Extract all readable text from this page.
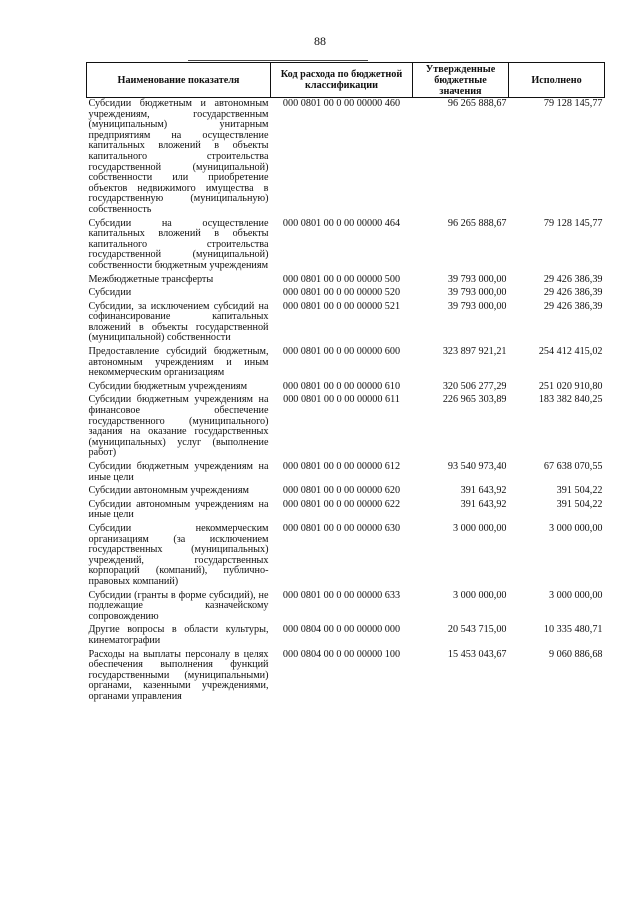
88
Наименование показателя	Код расхода по бюджетной классификации	Утвержденные бюджетные значения	Исполнено
Субсидии бюджетным и автономным учреждениям, государственным (муниципальным) унитарным предприятиям на осуществление капитальных вложений в объекты капитального строительства государственной (муниципальной) собственности или приобретение объектов недвижимого имущества в государственную (муниципальную) собственность	000 0801 00 0 00 00000 460	96 265 888,67	79 128 145,77
Субсидии на осуществление капитальных вложений в объекты капитального строительства государственной (муниципальной) собственности бюджетным учреждениям	000 0801 00 0 00 00000 464	96 265 888,67	79 128 145,77
Межбюджетные трансферты	000 0801 00 0 00 00000 500	39 793 000,00	29 426 386,39
Субсидии	000 0801 00 0 00 00000 520	39 793 000,00	29 426 386,39
Субсидии, за исключением субсидий на софинансирование капитальных вложений в объекты государственной (муниципальной) собственности	000 0801 00 0 00 00000 521	39 793 000,00	29 426 386,39
Предоставление субсидий бюджетным, автономным учреждениям и иным некоммерческим организациям	000 0801 00 0 00 00000 600	323 897 921,21	254 412 415,02
Субсидии бюджетным учреждениям	000 0801 00 0 00 00000 610	320 506 277,29	251 020 910,80
Субсидии бюджетным учреждениям на финансовое обеспечение государственного (муниципального) задания на оказание государственных (муниципальных) услуг (выполнение работ)	000 0801 00 0 00 00000 611	226 965 303,89	183 382 840,25
Субсидии бюджетным учреждениям на иные цели	000 0801 00 0 00 00000 612	93 540 973,40	67 638 070,55
Субсидии автономным учреждениям	000 0801 00 0 00 00000 620	391 643,92	391 504,22
Субсидии автономным учреждениям на иные цели	000 0801 00 0 00 00000 622	391 643,92	391 504,22
Субсидии некоммерческим организациям (за исключением государственных (муниципальных) учреждений, государственных корпораций (компаний), публично-правовых компаний)	000 0801 00 0 00 00000 630	3 000 000,00	3 000 000,00
Субсидии (гранты в форме субсидий), не подлежащие казначейскому сопровождению	000 0801 00 0 00 00000 633	3 000 000,00	3 000 000,00
Другие вопросы в области культуры, кинематографии	000 0804 00 0 00 00000 000	20 543 715,00	10 335 480,71
Расходы на выплаты персоналу в целях обеспечения выполнения функций государственными (муниципальными) органами, казенными учреждениями, органами управления	000 0804 00 0 00 00000 100	15 453 043,67	9 060 886,68
